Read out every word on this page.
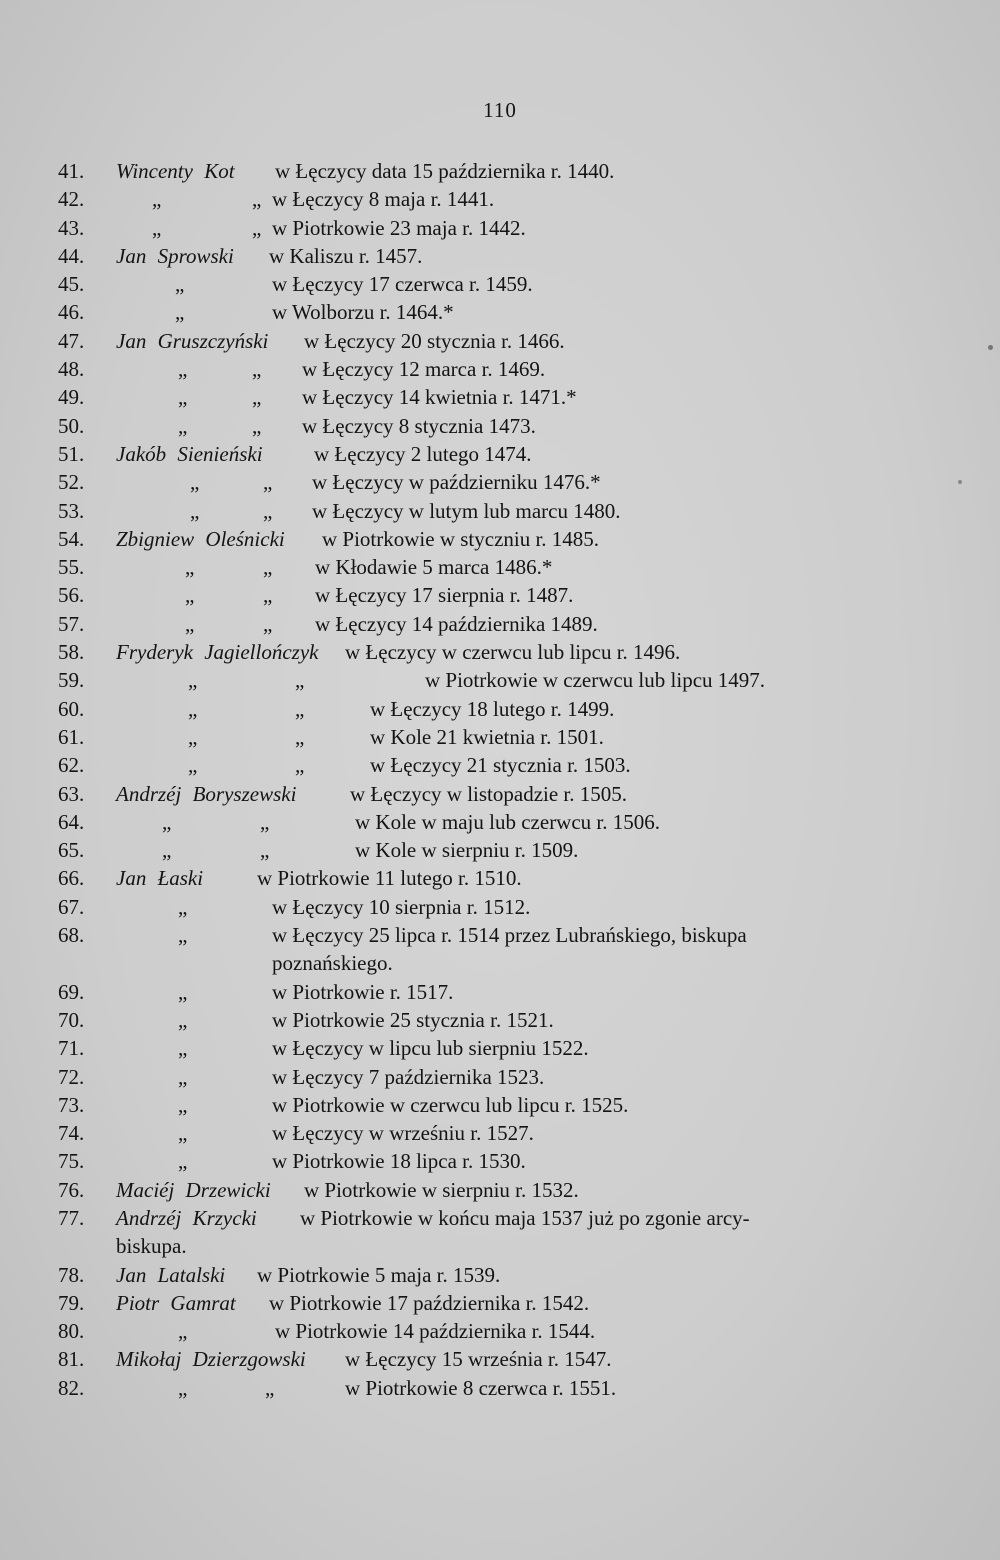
110
41.	Wincenty Kot w Łęczycy data 15 października r. 1440.
42.	„	„ w Łęczycy 8 maja r. 1441.
43.	„	„ w Piotrkowie 23 maja r. 1442.
44.	Jan Sprowski w Kaliszu r. 1457.
45.	„	w Łęczycy 17 czerwca r. 1459.
46.	„	w Wolborzu r. 1464.*
47.	Jan Gruszczyński w Łęczycy 20 stycznia r. 1466.
48.	„	„ w Łęczycy 12 marca r. 1469.
49.	„	„ w Łęczycy 14 kwietnia r. 1471.*
50.	„	„ w Łęczycy 8 stycznia 1473.
51.	Jakób Sienieński w Łęczycy 2 lutego 1474.
52.	„	„ w Łęczycy w październiku 1476.*
53.	„	„ w Łęczycy w lutym lub marcu 1480.
54.	Zbigniew Oleśnicki w Piotrkowie w styczniu r. 1485.
55.	„	„ w Kłodawie 5 marca 1486.*
56.	„	„ w Łęczycy 17 sierpnia r. 1487.
57.	„	„ w Łęczycy 14 października 1489.
58.	Fryderyk Jagiellończyk w Łęczycy w czerwcu lub lipcu r. 1496.
59.	„	„	w Piotrkowie w czerwcu lub lipcu 1497.
60.	„	„	w Łęczycy 18 lutego r. 1499.
61.	„	„	w Kole 21 kwietnia r. 1501.
62.	„	„	w Łęczycy 21 stycznia r. 1503.
63.	Andrzéj Boryszewski	w Łęczycy w listopadzie r. 1505.
64.	„	„	w Kole w maju lub czerwcu r. 1506.
65.	„	„	w Kole w sierpniu r. 1509.
66.	Jan Łaski	w Piotrkowie 11 lutego r. 1510.
67.	„	w Łęczycy 10 sierpnia r. 1512.
68.	„	w Łęczycy 25 lipca r. 1514 przez Lubrańskiego, biskupa
poznańskiego.
69.	„	w Piotrkowie r. 1517.
70.	„	w Piotrkowie 25 stycznia r. 1521.
71.	„	w Łęczycy w lipcu lub sierpniu 1522.
72.	„	w Łęczycy 7 października 1523.
73.	„	w Piotrkowie w czerwcu lub lipcu r. 1525.
74.	„	w Łęczycy w wrześniu r. 1527.
75.	„	w Piotrkowie 18 lipca r. 1530.
76.	Maciéj Drzewicki w Piotrkowie w sierpniu r. 1532.
77.	Andrzéj Krzycki w Piotrkowie w końcu maja 1537 już po zgonie arcy-
biskupa.
78.	Jan Latalski w Piotrkowie 5 maja r. 1539.
79.	Piotr Gamrat w Piotrkowie 17 października r. 1542.
80.	„	w Piotrkowie 14 października r. 1544.
81.	Mikołaj Dzierzgowski w Łęczycy 15 września r. 1547.
82.	„	„	w Piotrkowie 8 czerwca r. 1551.
